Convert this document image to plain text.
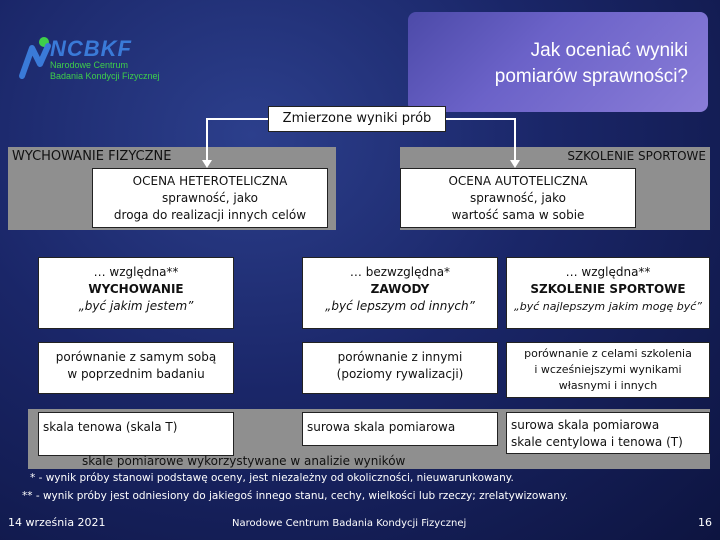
NCBKF
Narodowe Centrum
Badania Kondycji Fizycznej
Jak oceniać wyniki
pomiarów sprawności?
Zmierzone wyniki prób
WYCHOWANIE FIZYCZNE	SZKOLENIE SPORTOWE
OCENA HETEROTELICZNA
sprawność, jako
droga do realizacji innych celów
OCENA AUTOTELICZNA
sprawność, jako
wartość sama w sobie
… względna**
WYCHOWANIE
„być jakim jestem”
… bezwzględna*
ZAWODY
„być lepszym od innych”
… względna**
SZKOLENIE SPORTOWE
„być najlepszym jakim mogę być”
porównanie z samym sobą
w poprzednim badaniu
porównanie z innymi
(poziomy rywalizacji)
porównanie z celami szkolenia
i wcześniejszymi wynikami
własnymi i innych
skala tenowa (skala T)	surowa skala pomiarowa	surowa skala pomiarowa
skale centylowa i tenowa (T)
skale pomiarowe wykorzystywane w analizie wyników
* - wynik próby stanowi podstawę oceny, jest niezależny od okoliczności, nieuwarunkowany.
** - wynik próby jest odniesiony do jakiegoś innego stanu, cechy, wielkości lub rzeczy; zrelatywizowany.
14 września 2021	Narodowe Centrum Badania Kondycji Fizycznej	16
